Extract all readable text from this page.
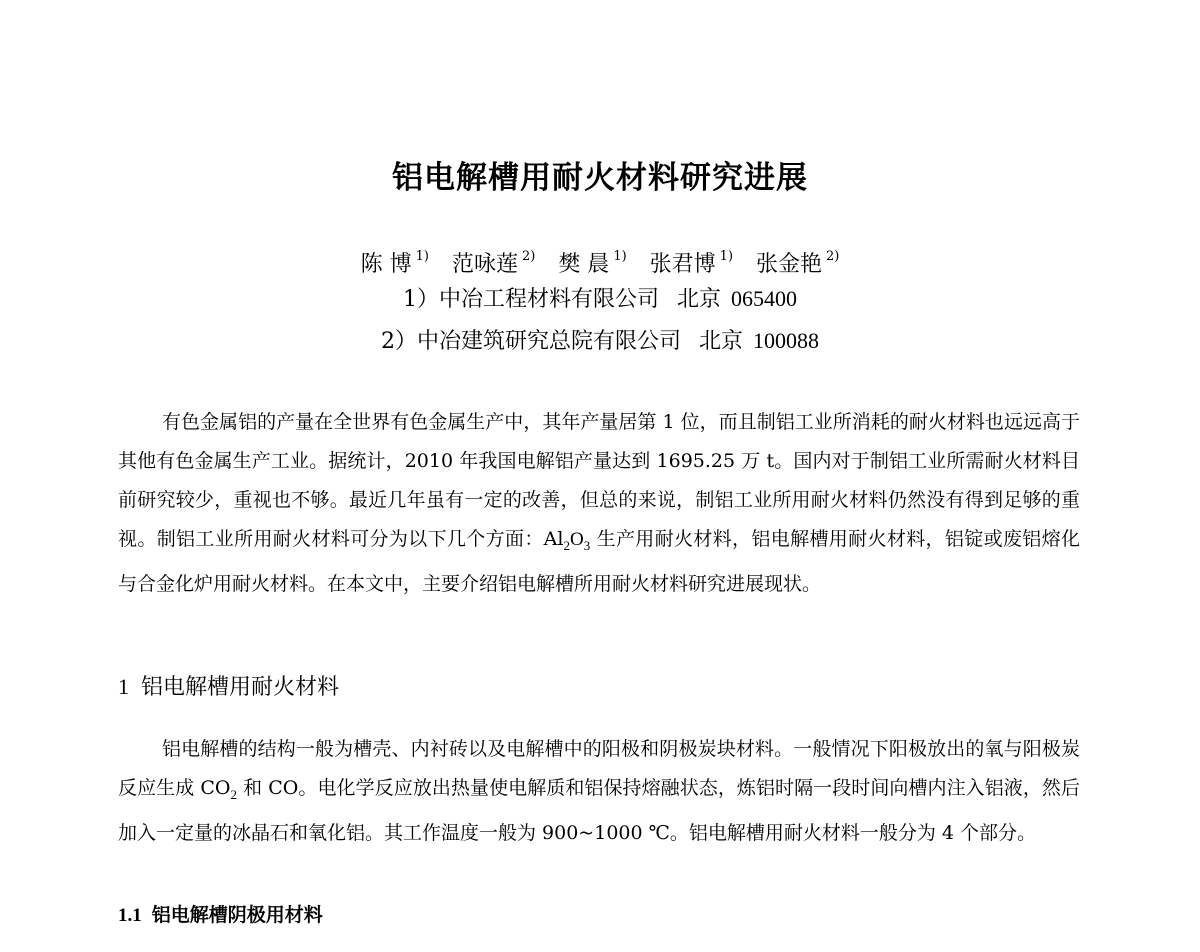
铝电解槽用耐火材料研究进展
陈 博 $^{1)}$ 范咏莲 $^{2)}$ 樊 晨 $^{1)}$ 张君博 $^{1)}$ 张金艳 $^{2)}$
1）中冶工程材料有限公司 北京 065400
2）中冶建筑研究总院有限公司 北京 100088

有色金属铝的产量在全世界有色金属生产中，其年产量居第 1 位，而且制铝工业所消耗的耐火材料也远远高于其他有色金属生产工业。据统计，2010 年我国电解铝产量达到 1695.25 万 t。国内对于制铝工业所需耐火材料目前研究较少，重视也不够。最近几年虽有一定的改善，但总的来说，制铝工业所用耐火材料仍然没有得到足够的重视。制铝工业所用耐火材料可分为以下几个方面：$Al_2O_3$ 生产用耐火材料，铝电解槽用耐火材料，铝锭或废铝熔化与合金化炉用耐火材料。在本文中，主要介绍铝电解槽所用耐火材料研究进展现状。

1 铝电解槽用耐火材料

铝电解槽的结构一般为槽壳、内衬砖以及电解槽中的阳极和阴极炭块材料。一般情况下阳极放出的氧与阳极炭反应生成 $CO_2$ 和 CO。电化学反应放出热量使电解质和铝保持熔融状态，炼铝时隔一段时间向槽内注入铝液，然后加入一定量的冰晶石和氧化铝。其工作温度一般为 900~1000 ℃。铝电解槽用耐火材料一般分为 4 个部分。

1.1 铝电解槽阴极用材料
